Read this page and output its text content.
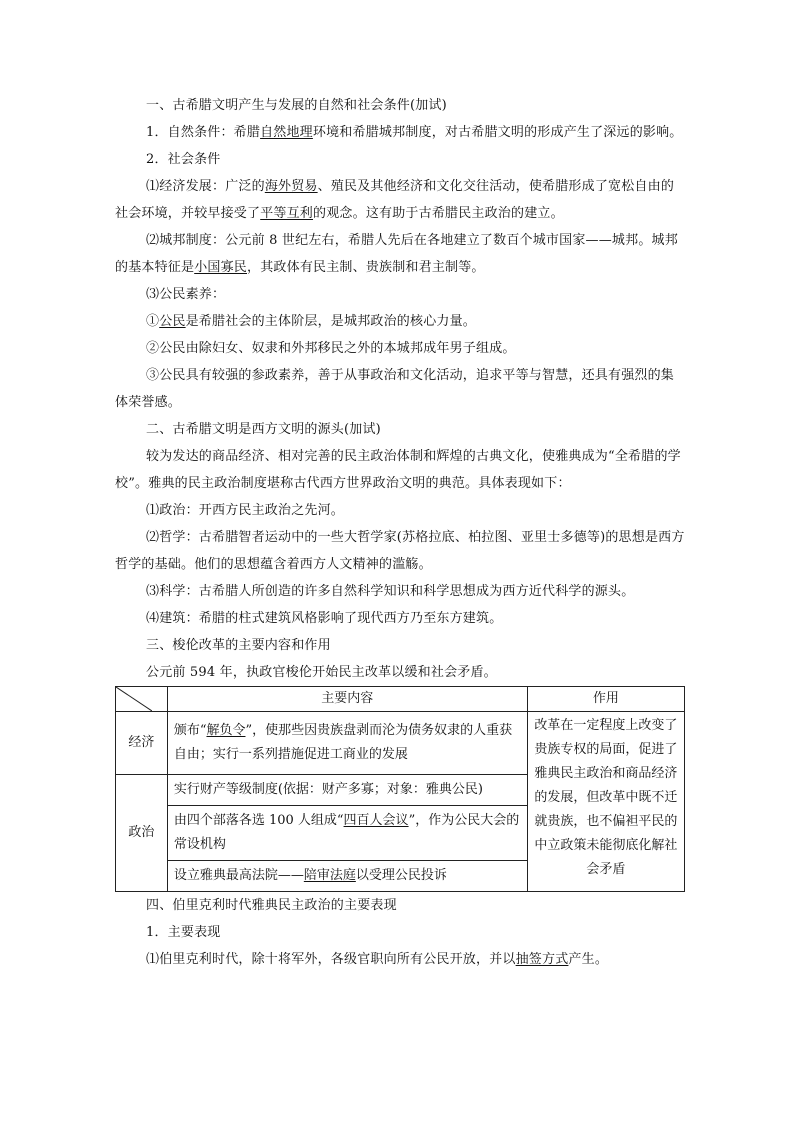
一、古希腊文明产生与发展的自然和社会条件(加试)

1．自然条件：希腊自然地理环境和希腊城邦制度，对古希腊文明的形成产生了深远的影响。

2．社会条件

⑴经济发展：广泛的海外贸易、殖民及其他经济和文化交往活动，使希腊形成了宽松自由的社会环境，并较早接受了平等互利的观念。这有助于古希腊民主政治的建立。

⑵城邦制度：公元前 8 世纪左右，希腊人先后在各地建立了数百个城市国家——城邦。城邦的基本特征是小国寡民，其政体有民主制、贵族制和君主制等。

⑶公民素养：

①公民是希腊社会的主体阶层，是城邦政治的核心力量。

②公民由除妇女、奴隶和外邦移民之外的本城邦成年男子组成。

③公民具有较强的参政素养，善于从事政治和文化活动，追求平等与智慧，还具有强烈的集体荣誉感。

二、古希腊文明是西方文明的源头(加试)

较为发达的商品经济、相对完善的民主政治体制和辉煌的古典文化，使雅典成为“全希腊的学校”。雅典的民主政治制度堪称古代西方世界政治文明的典范。具体表现如下：

⑴政治：开西方民主政治之先河。

⑵哲学：古希腊智者运动中的一些大哲学家(苏格拉底、柏拉图、亚里士多德等)的思想是西方哲学的基础。他们的思想蕴含着西方人文精神的滥觞。

⑶科学：古希腊人所创造的许多自然科学知识和科学思想成为西方近代科学的源头。

⑷建筑：希腊的柱式建筑风格影响了现代西方乃至东方建筑。

三、梭伦改革的主要内容和作用

公元前 594 年，执政官梭伦开始民主改革以缓和社会矛盾。

	主要内容	作用
经济	颁布“解负令”，使那些因贵族盘剥而沦为债务奴隶的人重获自由；实行一系列措施促进工商业的发展	改革在一定程度上改变了贵族专权的局面，促进了雅典民主政治和商品经济的发展，但改革中既不迁就贵族，也不偏袒平民的中立政策未能彻底化解社会矛盾
政治	实行财产等级制度(依据：财产多寡；对象：雅典公民)	
	由四个部落各选 100 人组成“四百人会议”，作为公民大会的常设机构	
	设立雅典最高法院——陪审法庭以受理公民投诉	

四、伯里克利时代雅典民主政治的主要表现

1．主要表现

⑴伯里克利时代，除十将军外，各级官职向所有公民开放，并以抽签方式产生。
